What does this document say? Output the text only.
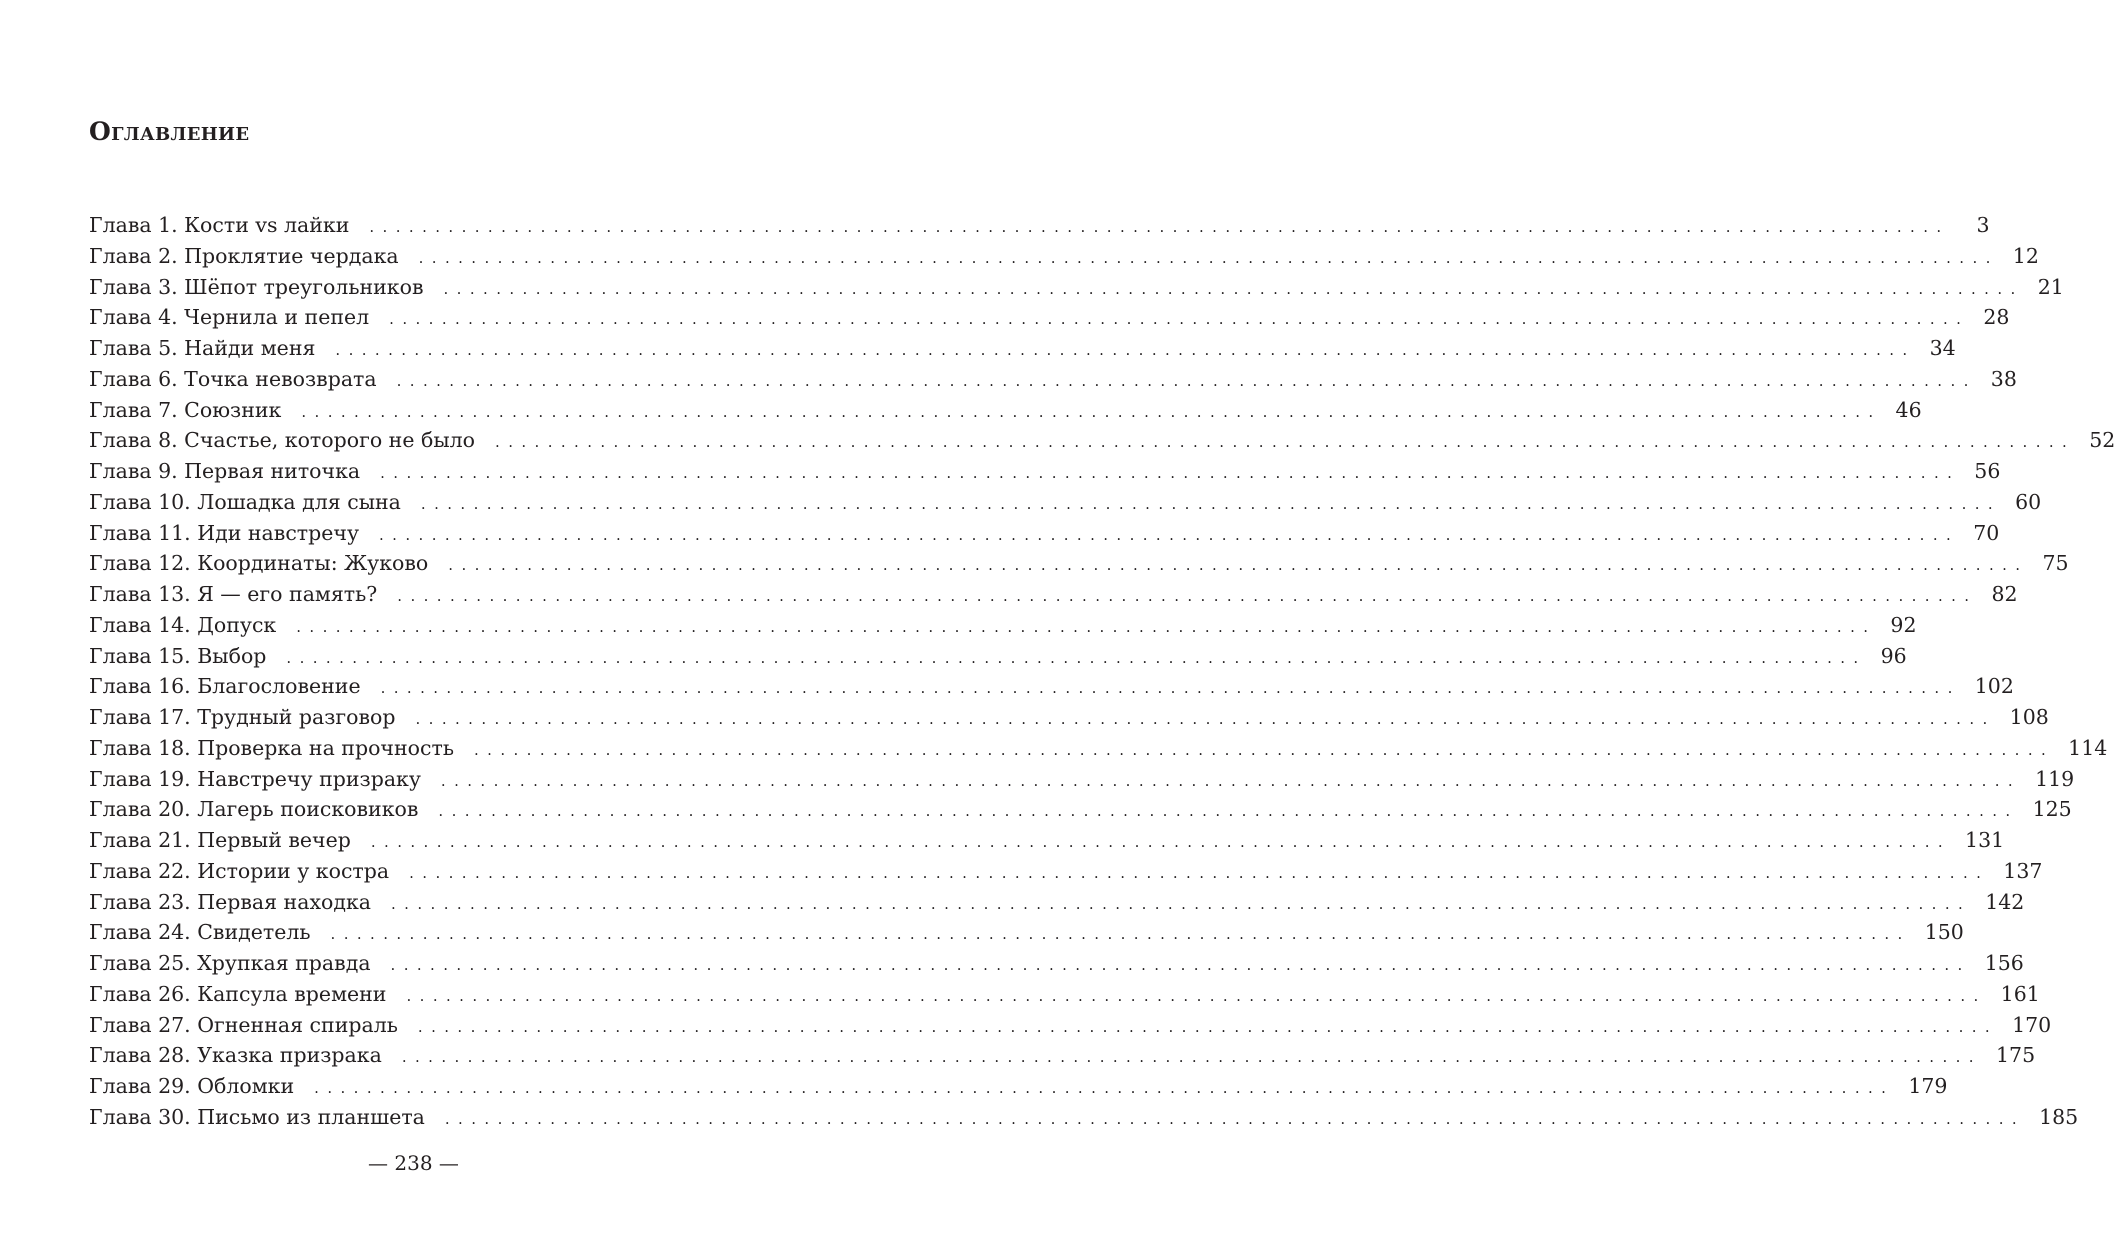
Оглавление
Глава 1. Кости vs лайки ........................................................................................................................	3
Глава 2. Проклятие чердака ........................................................................................................................ 12
Глава 3. Шёпот треугольников ........................................................................................................................ 21
Глава 4. Чернила и пепел ........................................................................................................................ 28
Глава 5. Найди меня ........................................................................................................................ 34
Глава 6. Точка невозврата ........................................................................................................................ 38
Глава 7. Союзник ........................................................................................................................ 46
Глава 8. Счастье, которого не было ........................................................................................................................ 52
Глава 9. Первая ниточка ........................................................................................................................ 56
Глава 10. Лошадка для сына ........................................................................................................................ 60
Глава 11. Иди навстречу ........................................................................................................................ 70
Глава 12. Координаты: Жуково ........................................................................................................................ 75
Глава 13. Я — его память? ........................................................................................................................ 82
Глава 14. Допуск ........................................................................................................................ 92
Глава 15. Выбор ........................................................................................................................ 96
Глава 16. Благословение ........................................................................................................................ 102
Глава 17. Трудный разговор ........................................................................................................................ 108
Глава 18. Проверка на прочность ........................................................................................................................ 114
Глава 19. Навстречу призраку ........................................................................................................................ 119
Глава 20. Лагерь поисковиков ........................................................................................................................ 125
Глава 21. Первый вечер ........................................................................................................................ 131
Глава 22. Истории у костра ........................................................................................................................ 137
Глава 23. Первая находка ........................................................................................................................ 142
Глава 24. Свидетель ........................................................................................................................ 150
Глава 25. Хрупкая правда ........................................................................................................................ 156
Глава 26. Капсула времени ........................................................................................................................ 161
Глава 27. Огненная спираль ........................................................................................................................ 170
Глава 28. Указка призрака ........................................................................................................................ 175
Глава 29. Обломки ........................................................................................................................ 179
Глава 30. Письмо из планшета ........................................................................................................................ 185
— 238 —
